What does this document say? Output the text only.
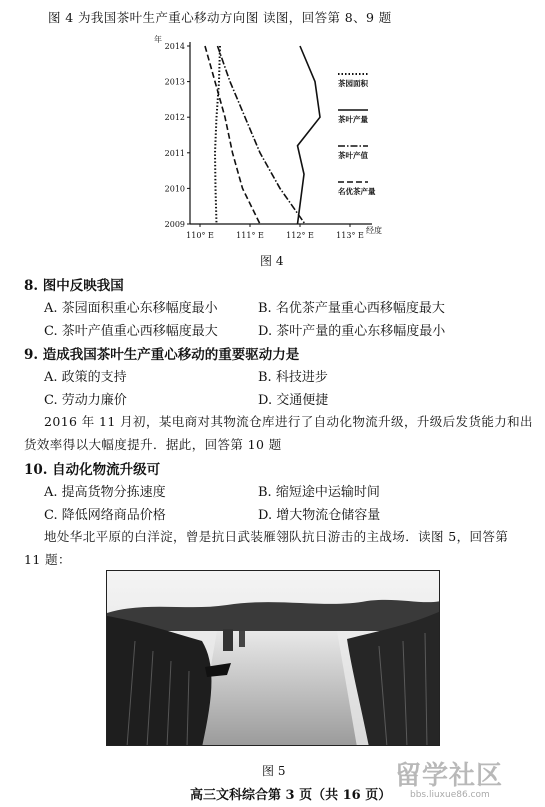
图 4 为我国茶叶生产重心移动方向图 读图，回答第 8、9 题
2014
2013
2012
2011
2010
2009
110° E	111° E	112° E	113° E
茶园面积
茶叶产量
茶叶产值
名优茶产量
年
经度
图 4
8. 图中反映我国
A. 茶园面积重心东移幅度最小	B. 名优茶产量重心西移幅度最大
C. 茶叶产值重心西移幅度最大	D. 茶叶产量的重心东移幅度最小
9. 造成我国茶叶生产重心移动的重要驱动力是
A. 政策的支持	B. 科技进步
C. 劳动力廉价	D. 交通便捷
2016 年 11 月初，某电商对其物流仓库进行了自动化物流升级，升级后发货能力和出
货效率得以大幅度提升．据此，回答第 10 题
10. 自动化物流升级可
A. 提高货物分拣速度	B. 缩短途中运输时间
C. 降低网络商品价格	D. 增大物流仓储容量
地处华北平原的白洋淀，曾是抗日武装雁翎队抗日游击的主战场．读图 5，回答第
11 题：
图 5
高三文科综合第 3 页（共 16 页）
留学社区
bbs.liuxue86.com
